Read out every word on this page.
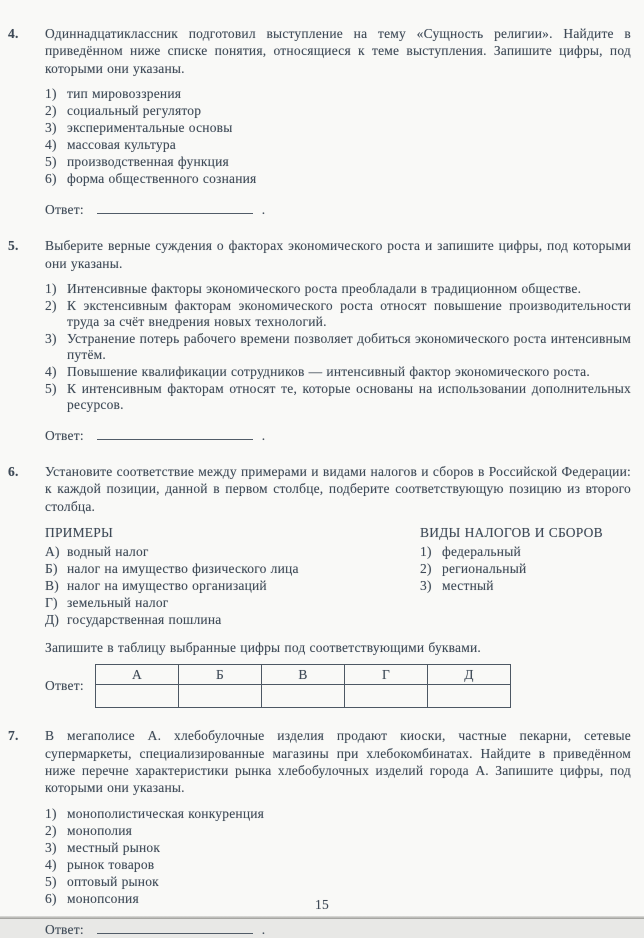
4.	Одиннадцатиклассник подготовил выступление на тему «Сущность религии». Найдите в приведённом ниже списке понятия, относящиеся к теме выступления. Запишите цифры, под которыми они указаны.

1) тип мировоззрения
2) социальный регулятор
3) экспериментальные основы
4) массовая культура
5) производственная функция
6) форма общественного сознания
Ответ:	.
5.	Выберите верные суждения о факторах экономического роста и запишите цифры, под которыми они указаны.

1) Интенсивные факторы экономического роста преобладали в традиционном обществе.
2) К экстенсивным факторам экономического роста относят повышение производительности труда за счёт внедрения новых технологий.
3) Устранение потерь рабочего времени позволяет добиться экономического роста интенсивным путём.
4) Повышение квалификации сотрудников — интенсивный фактор экономического роста.
5) К интенсивным факторам относят те, которые основаны на использовании дополнительных ресурсов.
Ответ:	.
6.	Установите соответствие между примерами и видами налогов и сборов в Российской Федерации: к каждой позиции, данной в первом столбце, подберите соответствующую позицию из второго столбца.

ПРИМЕРЫ
А) водный налог
Б) налог на имущество физического лица
В) налог на имущество организаций
Г) земельный налог
Д) государственная пошлина
ВИДЫ НАЛОГОВ И СБОРОВ
1) федеральный
2) региональный
3) местный

Запишите в таблицу выбранные цифры под соответствующими буквами.

Ответ:
А	Б	В	Г	Д

7.	В мегаполисе А. хлебобулочные изделия продают киоски, частные пекарни, сетевые супермаркеты, специализированные магазины при хлебокомбинатах. Найдите в приведённом ниже перечне характеристики рынка хлебобулочных изделий города А. Запишите цифры, под которыми они указаны.

1) монополистическая конкуренция
2) монополия
3) местный рынок
4) рынок товаров
5) оптовый рынок
6) монопсония
Ответ:	.
15
